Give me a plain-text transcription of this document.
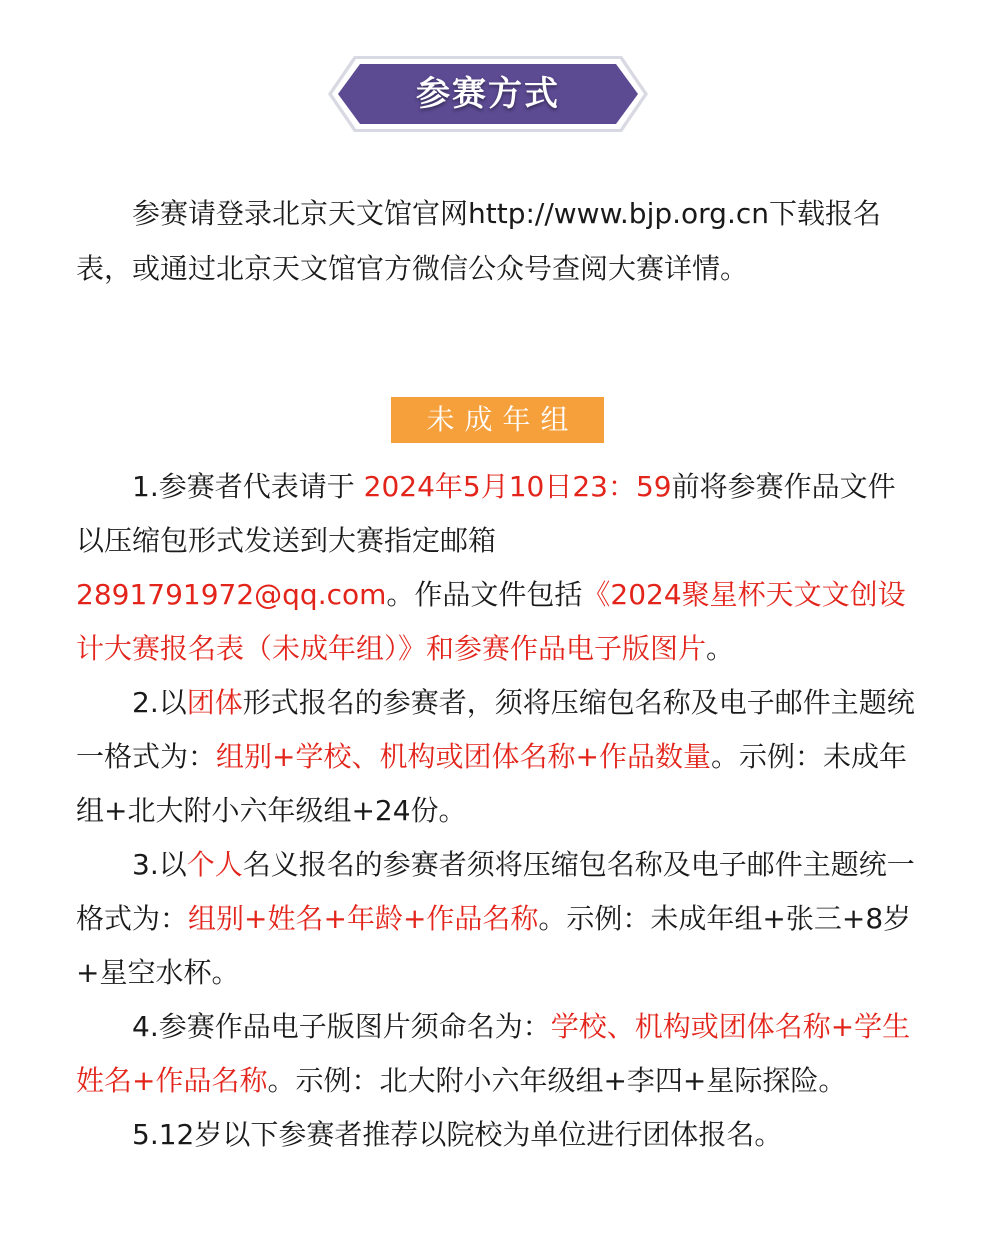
参赛方式

参赛请登录北京天文馆官网http://www.bjp.org.cn下载报名表，或通过北京天文馆官方微信公众号查阅大赛详情。

未成年组

1.参赛者代表请于 2024年5月10日23：59前将参赛作品文件以压缩包形式发送到大赛指定邮箱
2891791972@qq.com。作品文件包括《2024聚星杯天文文创设计大赛报名表（未成年组）》和参赛作品电子版图片。

2.以团体形式报名的参赛者，须将压缩包名称及电子邮件主题统一格式为：组别+学校、机构或团体名称+作品数量。示例：未成年组+北大附小六年级组+24份。

3.以个人名义报名的参赛者须将压缩包名称及电子邮件主题统一格式为：组别+姓名+年龄+作品名称。示例：未成年组+张三+8岁+星空水杯。

4.参赛作品电子版图片须命名为：学校、机构或团体名称+学生姓名+作品名称。示例：北大附小六年级组+李四+星际探险。

5.12岁以下参赛者推荐以院校为单位进行团体报名。
